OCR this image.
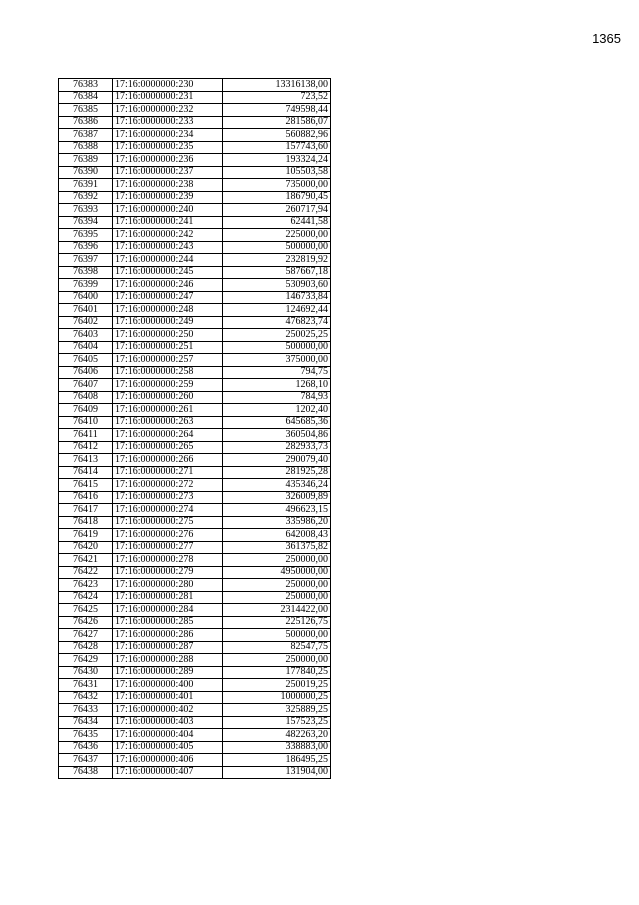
1365
76383	17:16:0000000:230	13316138,00
76384	17:16:0000000:231	723,52
76385	17:16:0000000:232	749598,44
76386	17:16:0000000:233	281586,07
76387	17:16:0000000:234	560882,96
76388	17:16:0000000:235	157743,60
76389	17:16:0000000:236	193324,24
76390	17:16:0000000:237	105503,58
76391	17:16:0000000:238	735000,00
76392	17:16:0000000:239	186790,45
76393	17:16:0000000:240	260717,94
76394	17:16:0000000:241	62441,58
76395	17:16:0000000:242	225000,00
76396	17:16:0000000:243	500000,00
76397	17:16:0000000:244	232819,92
76398	17:16:0000000:245	587667,18
76399	17:16:0000000:246	530903,60
76400	17:16:0000000:247	146733,84
76401	17:16:0000000:248	124692,44
76402	17:16:0000000:249	476823,74
76403	17:16:0000000:250	250025,25
76404	17:16:0000000:251	500000,00
76405	17:16:0000000:257	375000,00
76406	17:16:0000000:258	794,75
76407	17:16:0000000:259	1268,10
76408	17:16:0000000:260	784,93
76409	17:16:0000000:261	1202,40
76410	17:16:0000000:263	645685,36
76411	17:16:0000000:264	360504,86
76412	17:16:0000000:265	282933,73
76413	17:16:0000000:266	290079,40
76414	17:16:0000000:271	281925,28
76415	17:16:0000000:272	435346,24
76416	17:16:0000000:273	326009,89
76417	17:16:0000000:274	496623,15
76418	17:16:0000000:275	335986,20
76419	17:16:0000000:276	642008,43
76420	17:16:0000000:277	361375,82
76421	17:16:0000000:278	250000,00
76422	17:16:0000000:279	4950000,00
76423	17:16:0000000:280	250000,00
76424	17:16:0000000:281	250000,00
76425	17:16:0000000:284	2314422,00
76426	17:16:0000000:285	225126,75
76427	17:16:0000000:286	500000,00
76428	17:16:0000000:287	82547,75
76429	17:16:0000000:288	250000,00
76430	17:16:0000000:289	177840,25
76431	17:16:0000000:400	250019,25
76432	17:16:0000000:401	1000000,25
76433	17:16:0000000:402	325889,25
76434	17:16:0000000:403	157523,25
76435	17:16:0000000:404	482263,20
76436	17:16:0000000:405	338883,00
76437	17:16:0000000:406	186495,25
76438	17:16:0000000:407	131904,00
